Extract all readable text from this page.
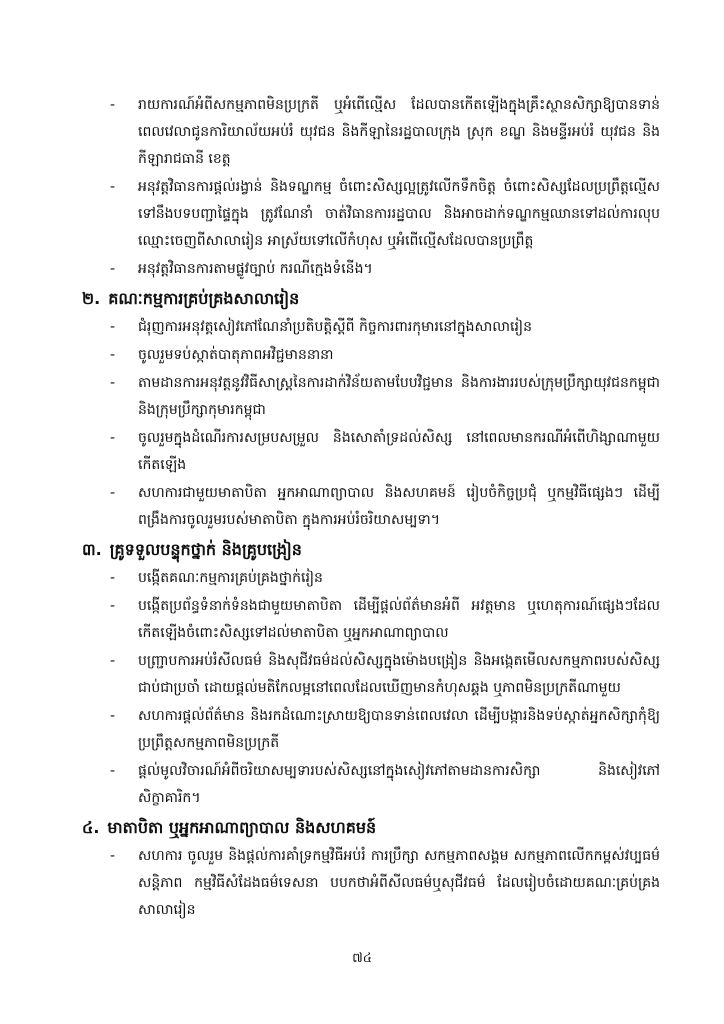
- រាយការណ៍អំពីសកម្មភាពមិនប្រក្រតី ឬអំពើល្មើស ដែលបានកើតឡើងក្នុងគ្រឹះស្ថានសិក្សាឱ្យបានទាន់ពេលវេលាជូនការិយាល័យអប់រំ យុវជន និងកីឡានៃរដ្ឋបាលក្រុង ស្រុក ខណ្ឌ និងមន្ទីរអប់រំ យុវជន និងកីឡារាជធានី ខេត្ត
- អនុវត្តវិធានការផ្តល់រង្វាន់ និងទណ្ឌកម្ម ចំពោះសិស្សល្អត្រូវលើកទឹកចិត្ត ចំពោះសិស្សដែលប្រព្រឹត្តល្មើសទៅនឹងបទបញ្ជាផ្ទៃក្នុង ត្រូវណែនាំ ចាត់វិធានការរដ្ឋបាល និងអាចដាក់ទណ្ឌកម្មឈានទៅដល់ការលុបឈ្មោះចេញពីសាលារៀន អាស្រ័យទៅលើកំហុស ឬអំពើល្មើសដែលបានប្រព្រឹត្ត
- អនុវត្តវិធានការតាមផ្លូវច្បាប់ ករណីក្មេងទំនើង។
២. គណៈកម្មការគ្រប់គ្រងសាលារៀន
- ជំរុញការអនុវត្តសៀវភៅណែនាំប្រតិបត្តិស្តីពី កិច្ចការពារកុមារនៅក្នុងសាលារៀន
- ចូលរួមទប់ស្កាត់បាតុភាពអវិជ្ជមាននានា
- តាមដានការអនុវត្តនូវវិធីសាស្ត្រនៃការដាក់វិន័យតាមបែបវិជ្ជមាន និងការងាររបស់ក្រុមប្រឹក្សាយុវជនកម្ពុជា និងក្រុមប្រឹក្សាកុមារកម្ពុជា
- ចូលរួមក្នុងដំណើរការសម្របសម្រួល និងសោតាំទ្រដល់សិស្ស នៅពេលមានករណីអំពើហិង្សាណាមួយកើតឡើង
- សហការជាមួយមាតាបិតា អ្នកអាណាព្យាបាល និងសហគមន៍ រៀបចំកិច្ចប្រជុំ ឬកម្មវិធីផ្សេងៗ ដើម្បីពង្រឹងការចូលរួមរបស់មាតាបិតា ក្នុងការអប់រំចរិយាសម្បទា។
៣. គ្រូទទួលបន្ទុកថ្នាក់ និងគ្រូបង្រៀន
- បង្កើតគណៈកម្មការគ្រប់គ្រងថ្នាក់រៀន
- បង្កើតប្រព័ន្ធទំនាក់ទំនងជាមួយមាតាបិតា ដើម្បីផ្តល់ព័ត៌មានអំពី អវត្តមាន ឬហេតុការណ៍ផ្សេងៗដែលកើតឡើងចំពោះសិស្សទៅដល់មាតាបិតា ឬអ្នកអាណាព្យាបាល
- បញ្ជ្រាបការអប់រំសីលធម៌ និងសុជីវធម៌ដល់សិស្សក្នុងម៉ោងបង្រៀន និងអង្កេតមើលសកម្មភាពរបស់សិស្សជាប់ជាប្រចាំ ដោយផ្តល់មតិកែលម្អនៅពេលដែលឃើញមានកំហុសឆ្គង ឬភាពមិនប្រក្រតីណាមួយ
- សហការផ្តល់ព័ត៌មាន និងរកដំណោះស្រាយឱ្យបានទាន់ពេលវេលា ដើម្បីបង្ការនិងទប់ស្កាត់អ្នកសិក្សាកុំឱ្យប្រព្រឹត្តសកម្មភាពមិនប្រក្រតី
- ផ្តល់មូលវិចារណ៍អំពីចរិយាសម្បទារបស់សិស្សនៅក្នុងសៀវភៅតាមដានការសិក្សា និងសៀវភៅសិក្ខាគារិក។
៤. មាតាបិតា ឬអ្នកអាណាព្យាបាល និងសហគមន៍
- សហការ ចូលរួម និងផ្តល់ការគាំទ្រកម្មវិធីអប់រំ ការប្រឹក្សា សកម្មភាពសង្គម សកម្មភាពលើកកម្ពស់វប្បធម៌សន្តិភាព កម្មវិធីសំដែងធម៌ទេសនា បបកថាអំពីសីលធម៌ឬសុជីវធម៌ ដែលរៀបចំដោយគណៈគ្រប់គ្រងសាលារៀន
៧៤
